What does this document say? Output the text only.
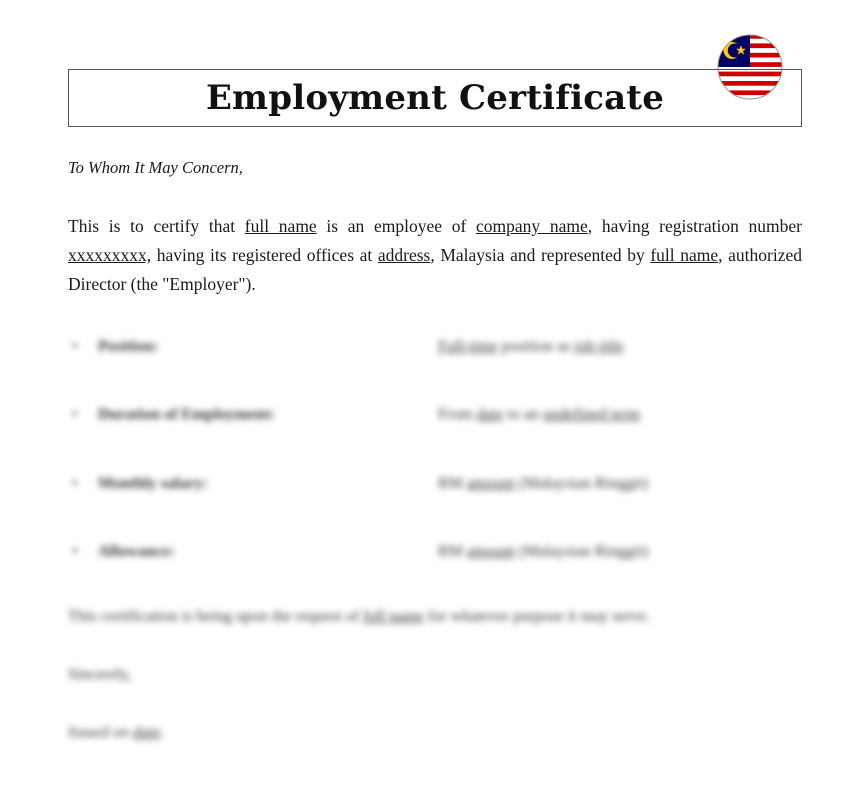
Employment Certificate
To Whom It May Concern,
This is to certify that full name is an employee of company name, having registration number xxxxxxxxx, having its registered offices at address, Malaysia and represented by full name, authorized Director (the "Employer").
• Position:	Full-time position as job title
• Duration of Employment:	From date to an undefined term
• Monthly salary:	RM amount (Malaysian Ringgit)
• Allowance:	RM amount (Malaysian Ringgit)
This certification is being upon the request of full name for whatever purpose it may serve.
Sincerely,
Issued on date.
